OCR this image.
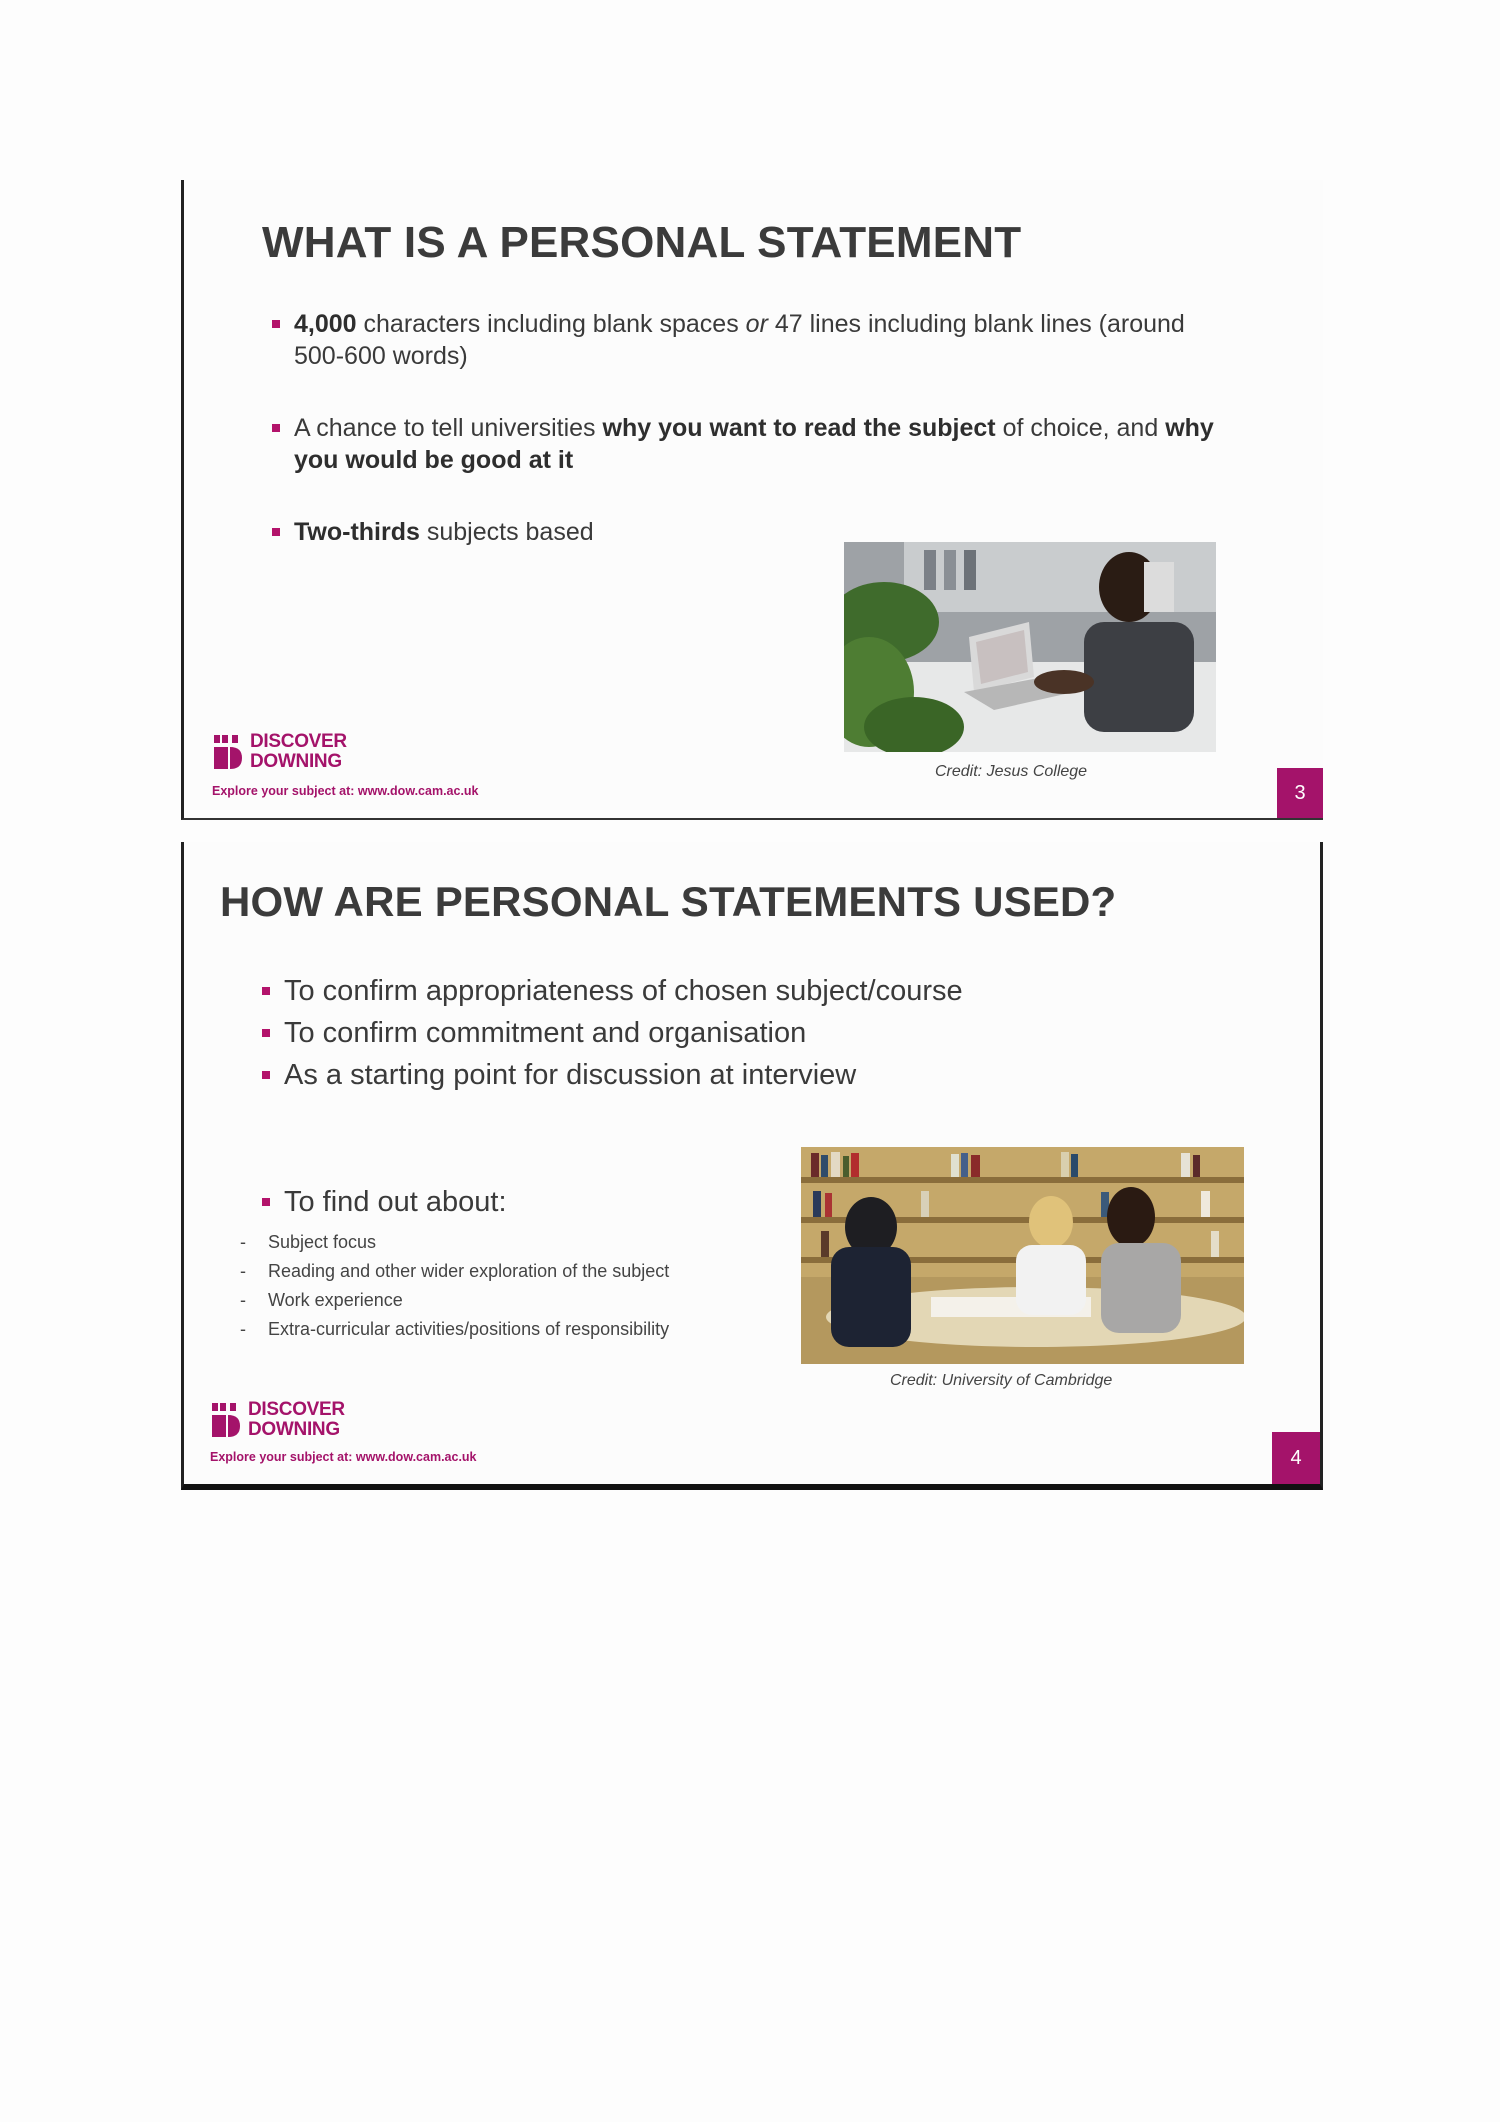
WHAT IS A PERSONAL STATEMENT
4,000 characters including blank spaces or 47 lines including blank lines (around 500-600 words)
A chance to tell universities why you want to read the subject of choice, and why you would be good at it
Two-thirds subjects based
Credit: Jesus College
DISCOVER
DOWNING
Explore your subject at: www.dow.cam.ac.uk	3
HOW ARE PERSONAL STATEMENTS USED?
To confirm appropriateness of chosen subject/course
To confirm commitment and organisation
As a starting point for discussion at interview
To find out about:
- Subject focus
- Reading and other wider exploration of the subject
- Work experience
- Extra-curricular activities/positions of responsibility
Credit: University of Cambridge
DISCOVER
DOWNING
Explore your subject at: www.dow.cam.ac.uk	4
